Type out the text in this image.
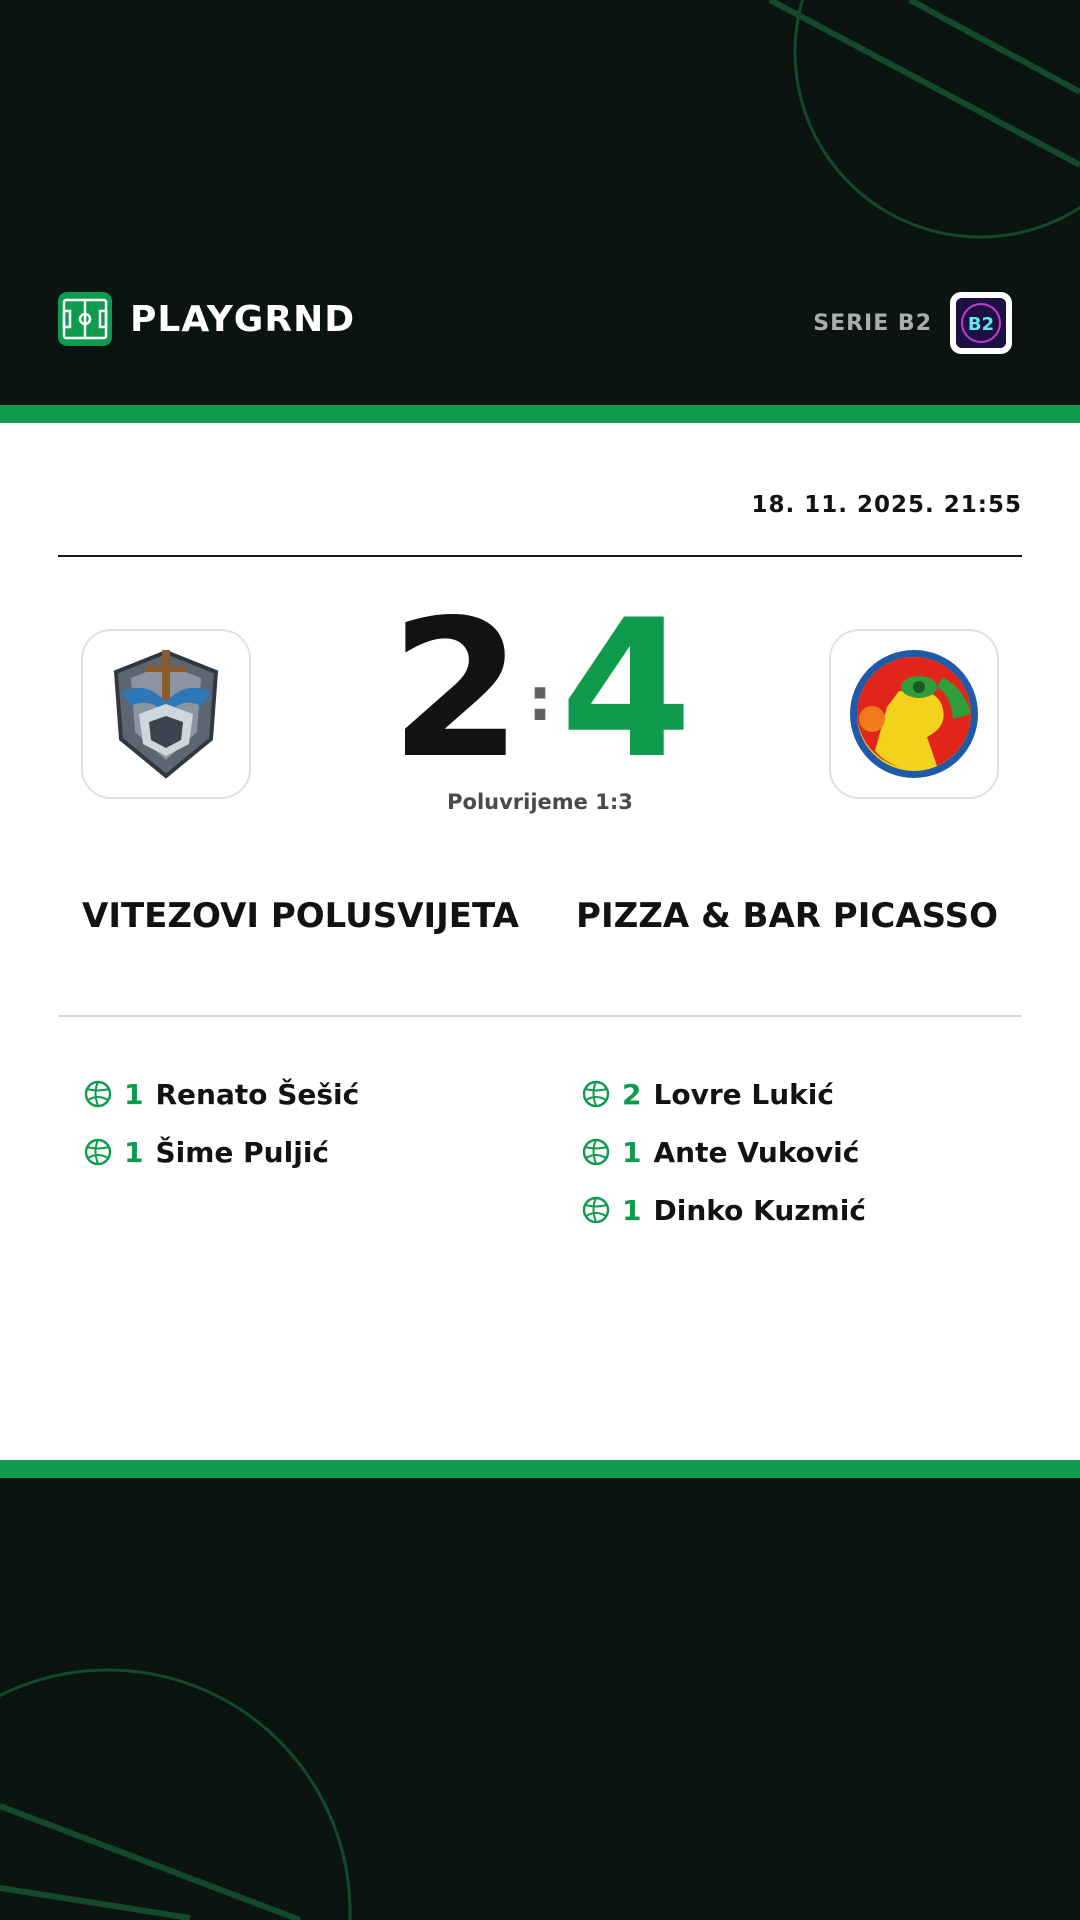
PLAYGRND	SERIE B2 B2
18. 11. 2025. 21:55
2 : 4
Poluvrijeme 1:3
VITEZOVI POLUSVIJETA PIZZA & BAR PICASSO
1 Renato Šešić
1 Šime Puljić
2 Lovre Lukić
1 Ante Vuković
1 Dinko Kuzmić
